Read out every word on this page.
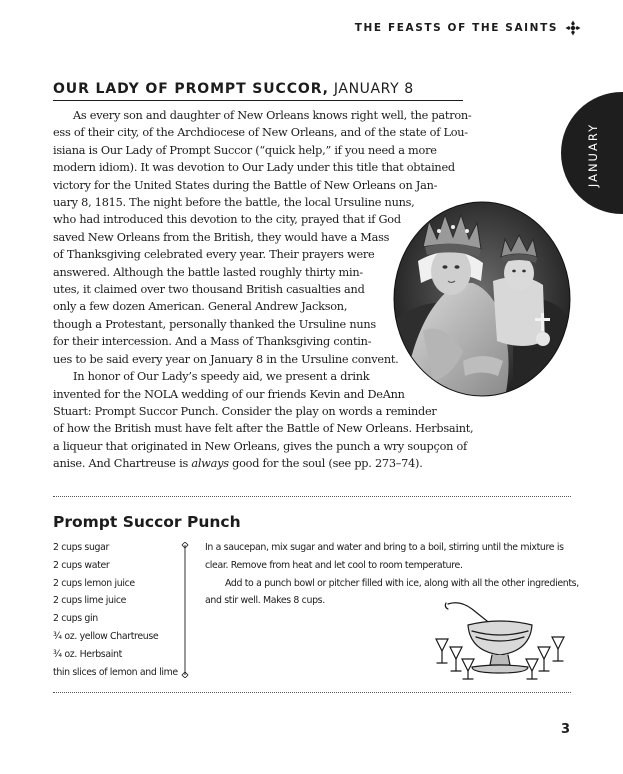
THE FEASTS OF THE SAINTS
JANUARY
OUR LADY OF PROMPT SUCCOR, JANUARY 8
As every son and daughter of New Orleans knows right well, the patron-
ess of their city, of the Archdiocese of New Orleans, and of the state of Lou-
isiana is Our Lady of Prompt Succor (“quick help,” if you need a more
modern idiom). It was devotion to Our Lady under this title that obtained
victory for the United States during the Battle of New Orleans on Jan-
uary 8, 1815. The night before the battle, the local Ursuline nuns,
who had introduced this devotion to the city, prayed that if God
saved New Orleans from the British, they would have a Mass
of Thanksgiving celebrated every year. Their prayers were
answered. Although the battle lasted roughly thirty min-
utes, it claimed over two thousand British casualties and
only a few dozen American. General Andrew Jackson,
though a Protestant, personally thanked the Ursuline nuns
for their intercession. And a Mass of Thanksgiving contin-
ues to be said every year on January 8 in the Ursuline convent.
In honor of Our Lady’s speedy aid, we present a drink
invented for the NOLA wedding of our friends Kevin and DeAnn
Stuart: Prompt Succor Punch. Consider the play on words a reminder
of how the British must have felt after the Battle of New Orleans. Herbsaint,
a liqueur that originated in New Orleans, gives the punch a wry soupçon of
anise. And Chartreuse is always good for the soul (see pp. 273–74).
Prompt Succor Punch
2 cups sugar
2 cups water
2 cups lemon juice
2 cups lime juice
2 cups gin
¾ oz. yellow Chartreuse
¾ oz. Herbsaint
thin slices of lemon and lime
In a saucepan, mix sugar and water and bring to a boil, stirring until the mixture is
clear. Remove from heat and let cool to room temperature.
Add to a punch bowl or pitcher filled with ice, along with all the other ingredients,
and stir well. Makes 8 cups.
3
